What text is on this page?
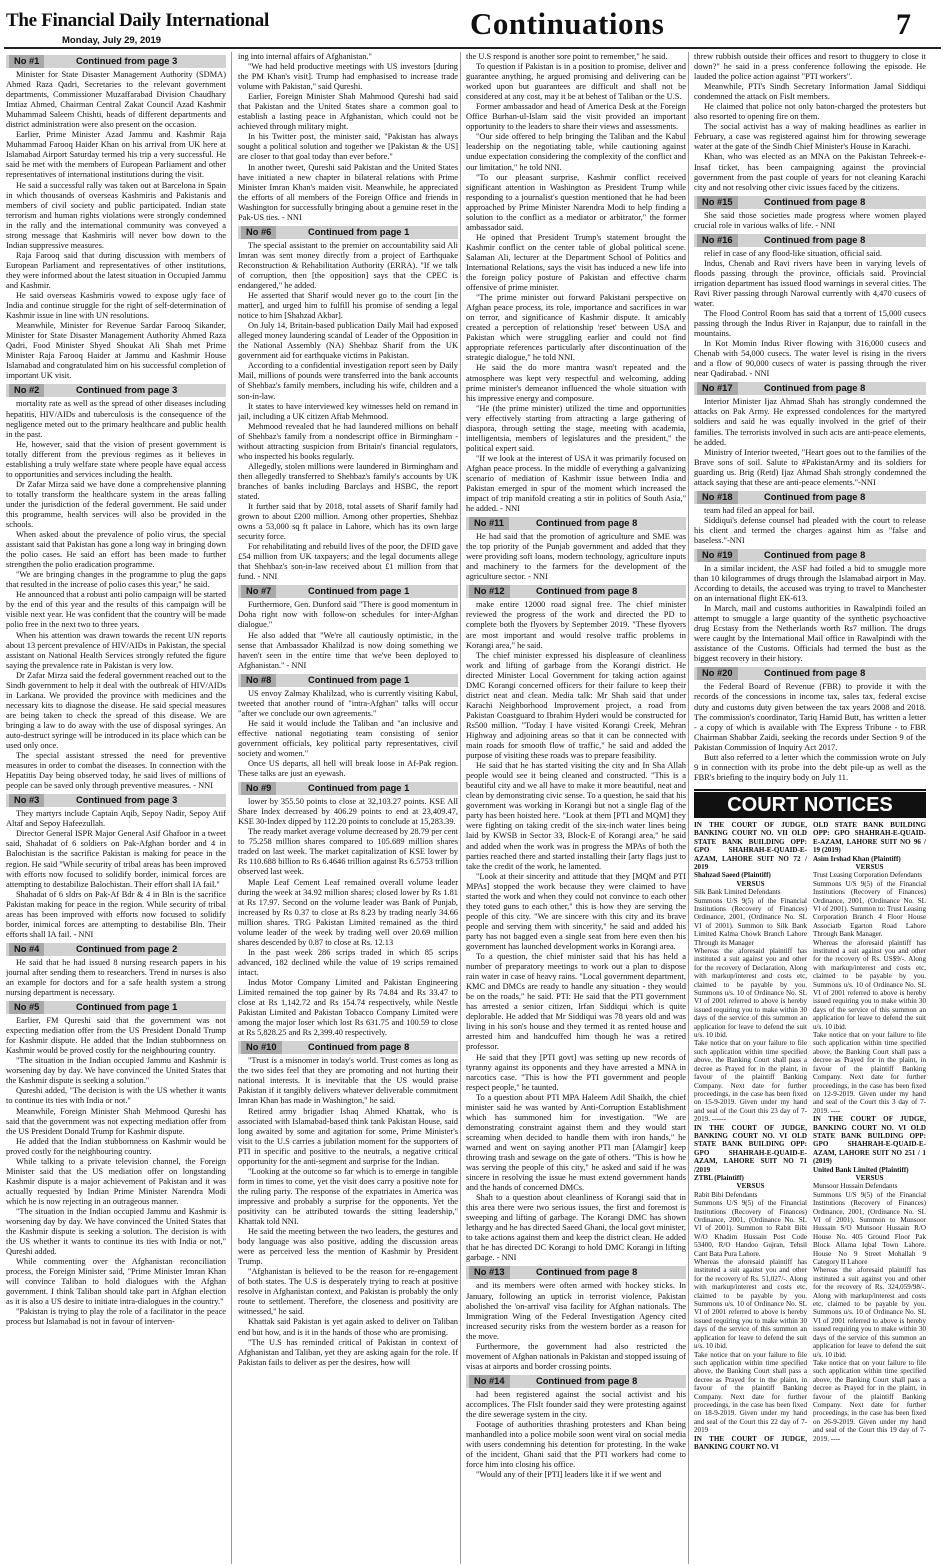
The Financial Daily International
Monday, July 29, 2019	Continuations	7
No #1	Continued from page 3

Minister for State Disaster Management Authority (SDMA) Ahmed Raza Qadri, Secretaries to the relevant government departments, Commissioner Muzaffarabad Division Chaudhary Imtiaz Ahmed, Chairman Central Zakat Council Azad Kashmir Muhammad Saleem Chishti, heads of different departments and district administration were also present on the occasion.

Earlier, Prime Minister Azad Jammu and Kashmir Raja Muhammad Farooq Haider Khan on his arrival from UK here at Islamabad Airport Saturday termed his trip a very successful. He said he met with the members of European Parliament and other representatives of international institutions during the visit.

He said a successful rally was taken out at Barcelona in Spain in which thousands of overseas Kashmiris and Pakistanis and members of civil society and public participated. Indian state terrorism and human rights violations were strongly condemned in the rally and the international community was conveyed a strong message that Kashmiris will never bow down to the Indian suppressive measures.

Raja Farooq said that during discussion with members of European Parliament and representatives of other institutions, they were informed about the latest situation in Occupied Jammu and Kashmir.

He said overseas Kashmiris vowed to expose ugly face of India and continue struggle for the right of self-determination of Kashmir issue in line with UN resolutions.

Meanwhile, Minister for Revenue Sardar Farooq Sikander, Minister for State Disaster Management Authority Ahmed Raza Qadri, Food Minister Shyed Shoukat Ali Shah met Prime Minister Raja Farooq Haider at Jammu and Kashmir House Islamabad and congratulated him on his successful completion of important UK visit.

No #2	Continued from page 3

mortality rate as well as the spread of other diseases including hepatitis, HIV/AIDs and tuberculosis is the consequence of the negligence meted out to the primary healthcare and public health in the past.

He, however, said that the vision of present government is totally different from the previous regimes as it believes in establishing a truly welfare state where people have equal access to opportunities and services including the health.

Dr Zafar Mirza said we have done a comprehensive planning to totally transform the healthcare system in the areas falling under the jurisdiction of the federal government. He said under this programme, health services will also be provided in the schools.

When asked about the prevalence of polio virus, the special assistant said that Pakistan has gone a long way in bringing down the polio cases. He said an effort has been made to further strengthen the polio eradication programme.

"We are bringing changes in the programme to plug the gaps that resulted in the increase of polio cases this year," he said.

He announced that a robust anti polio campaign will be started by the end of this year and the results of this campaign will be visible next year. He was confident that the country will be made polio free in the next two to three years.

When his attention was drawn towards the recent UN reports about 13 percent prevalence of HIV/AIDs in Pakistan, the special assistant on National Health Services strongly refuted the figure saying the prevalence rate in Pakistan is very low.

Dr Zafar Mirza said the federal government reached out to the Sindh government to help it deal with the outbreak of HIV/AIDs in Larkana. We provided the province with medicines and the necessary kits to diagnose the disease. He said special measures are being taken to check the spread of this disease. We are bringing a law to do away with the use of disposal syringes. An auto-destruct syringe will be introduced in its place which can be used only once.

The special assistant stressed the need for preventive measures in order to combat the diseases. In connection with the Hepatitis Day being observed today, he said lives of millions of people can be saved only through preventive measures. - NNI

No #3	Continued from page 3

They martyrs include Captain Aqib, Sepoy Nadir, Sepoy Atif Altaf and Sepoy Hafeezullah.

Director General ISPR Major General Asif Ghafoor in a tweet said, Shahadat of 6 soldiers on Pak-Afghan border and 4 in Balochistan is the sacrifice Pakistan is making for peace in the region. He said "While security of tribal areas has been improved with efforts now focused to solidify border, inimical forces are attempting to destabilize Balochistan. Their effort shall IA fail."

Shahadat of 6 sldrs on Pak-Af Bdr & 4 in Bln is the sacrifice Pakistan making for peace in the region. While security of tribal areas has been improved with efforts now focused to solidify border, inimical forces are attempting to destabilise Bln. Their efforts shall IA fail. - NNI

No #4	Continued from page 2

He said that he had issued 8 nursing research papers in his journal after sending them to researchers. Trend in nurses is also an example for doctors and for a safe health system a strong nursing department is necessary.

No #5	Continued from page 1

Earlier, FM Qureshi said that the government was not expecting mediation offer from the US President Donald Trump for Kashmir dispute. He added that the Indian stubbornness on Kashmir would be proved costly for the neighbouring country.

"The situation in the Indian occupied Jammu and Kashmir is worsening day by day. We have convinced the United States that the Kashmir dispute is seeking a solution."

Qureshi added, "The decision is with the US whether it wants to continue its ties with India or not."

Meanwhile, Foreign Minister Shah Mehmood Qureshi has said that the government was not expecting mediation offer from the US President Donald Trump for Kashmir dispute.

He added that the Indian stubbornness on Kashmir would be proved costly for the neighbouring country.

While talking to a private television channel, the Foreign Minister said that the US mediation offer on longstanding Kashmir dispute is a major achievement of Pakistan and it was actually requested by Indian Prime Minister Narendra Modi which he is now rejecting in an outrageous manner.

"The situation in the Indian occupied Jammu and Kashmir is worsening day by day. We have convinced the United States that the Kashmir dispute is seeking a solution. The decision is with the US whether it wants to continue its ties with India or not," Qureshi added.

While commenting over the Afghanistan reconciliation process, the Foreign Minister said, "Prime Minister Imran Khan will convince Taliban to hold dialogues with the Afghan government. I think Taliban should take part in Afghan election as it is also a US desire to initiate intra-dialogues in the country."

"Pakistan is trying to play the role of a facilitator in the peace process but Islamabad is not in favour of interven-

ing into internal affairs of Afghanistan."

"We had held productive meetings with US investors [during the PM Khan's visit]. Trump had emphasised to increase trade volume with Pakistan," said Qureshi.

Earlier, Foreign Minister Shah Mahmood Qureshi had said that Pakistan and the United States share a common goal to establish a lasting peace in Afghanistan, which could not be achieved through military might.

In his Twitter post, the minister said, "Pakistan has always sought a political solution and together we [Pakistan & the US] are closer to that goal today than ever before."

In another tweet, Qureshi said Pakistan and the United States have initiated a new chapter in bilateral relations with Prime Minister Imran Khan's maiden visit. Meanwhile, he appreciated the efforts of all members of the Foreign Office and friends in Washington for successfully bringing about a genuine reset in the Pak-US ties. - NNI

No #6	Continued from page 1

The special assistant to the premier on accountability said Ali Imran was sent money directly from a project of Earthquake Reconstruction & Rehabilitation Authority (ERRA). "If we talk of corruption, then [the opposition] says that the CPEC is endangered," he added.

He asserted that Sharif would never go to the court [in the matter], and urged him to fulfill his promise of sending a legal notice to him [Shahzad Akbar].

On July 14, Britain-based publication Daily Mail had exposed alleged money laundering scandal of Leader of the Opposition in the National Assembly (NA) Shehbaz Sharif from the UK government aid for earthquake victims in Pakistan.

According to a confidential investigation report seen by Daily Mail, millions of pounds were transferred into the bank accounts of Shehbaz's family members, including his wife, children and a son-in-law.

It states to have interviewed key witnesses held on remand in jail, including a UK citizen Aftab Mehmood.

Mehmood revealed that he had laundered millions on behalf of Shehbaz's family from a nondescript office in Birmingham - without attracting suspicion from Britain's financial regulators, who inspected his books regularly.

Allegedly, stolen millions were laundered in Birmingham and then allegedly transferred to Shehbaz's family's accounts by UK branches of banks including Barclays and HSBC, the report stated.

It further said that by 2018, total assets of Sharif family had grown to about £200 million. Among other properties, Shehbaz owns a 53,000 sq ft palace in Lahore, which has its own large security force.

For rehabilitating and rebuild lives of the poor, the DFID gave £54 million from UK taxpayers; and the legal documents allege that Shehbaz's son-in-law received about £1 million from that fund. - NNI

No #7	Continued from page 1

Furthermore, Gen. Dunford said "There is good momentum in Doha right now with follow-on schedules for inter-Afghan dialogue."

He also added that "We're all cautiously optimistic, in the sense that Ambassador Khalilzad is now doing something we haven't seen in the entire time that we've been deployed to Afghanistan." - NNI

No #8	Continued from page 1

US envoy Zalmay Khalilzad, who is currently visiting Kabul, tweeted that another round of "intra-Afghan" talks will occur "after we conclude our own agreements."

He said it would include the Taliban and "an inclusive and effective national negotiating team consisting of senior government officials, key political party representatives, civil society and women."

Once US departs, all hell will break loose in Af-Pak region. These talks are just an eyewash.

No #9	Continued from page 1

lower by 355.50 points to close at 32,103.27 points. KSE All Share Index decreased by 406.29 points to end at 23,409.47, KSE 30-Index dipped by 112.20 points to conclude at 15,283.39.

The ready market average volume decreased by 28.79 per cent to 75.258 million shares compared to 105.689 million shares traded on last week. The market capitalization of KSE lower by Rs 110.688 billion to Rs 6.4646 trillion against Rs 6.5753 trillion observed last week.

Maple Leaf Cement Leaf remained overall volume leader during the week at 34.92 million shares; closed lower by Rs 1.81 at Rs 17.97. Second on the volume leader was Bank of Punjab, increased by Rs 0.37 to close at Rs 8.23 by trading nearly 34.66 million shares. TRG Pakistan Limited remained as the third volume leader of the week by trading well over 20.69 million shares descended by 0.87 to close at Rs. 12.13

In the past week 286 scrips traded in which 85 scrips advanced, 182 declined while the value of 19 scrips remained intact.

Indus Motor Company Limited and Pakistan Engineering Limited remained the top gainer by Rs 74.84 and Rs 33.47 to close at Rs 1,142.72 and Rs 154.74 respectively, while Nestle Pakistan Limited and Pakistan Tobacco Company Limited were among the major loser which lost Rs 631.75 and 100.59 to close at Rs 5,828.25 and Rs 2,399.40 respectively.

No #10	Continued from page 8

"Trust is a misnomer in today's world. Trust comes as long as the two sides feel that they are promoting and not hurting their national interests. It is inevitable that the US would praise Pakistan if it tangibly delivers whatever deliverable commitment Imran Khan has made in Washington," he said.

Retired army brigadier Ishaq Ahmed Khattak, who is associated with Islamabad-based think tank Pakistan House, said long awaited by some and agitation for some, Prime Minister's visit to the U.S carries a jubilation moment for the supporters of PTI in specific and positive to the neutrals, a negative critical opportunity for the anti-segment and surprise for the Indian.

"Looking at the outcome so far which is to emerge in tangible form in times to come, yet the visit does carry a positive note for the ruling party. The response of the expatriates in America was impressive and probably a surprise for the opponents. Yet the positivity can be attributed towards the sitting leadership," Khattak told NNI.

He said the meeting between the two leaders, the gestures and body language was also positive, adding the discussion areas were as perceived less the mention of Kashmir by President Trump.

"Afghanistan is believed to be the reason for re-engagement of both states. The U.S is desperately trying to reach at positive resolve in Afghanistan context, and Pakistan is probably the only route to settlement. Therefore, the closeness and positivity are witnessed," he said.

Khattak said Pakistan is yet again asked to deliver on Taliban end but how, and is it in the hands of those who are promising.

"The U.S has reminded critical of Pakistan in context of Afghanistan and Taliban, yet they are asking again for the role. If Pakistan fails to deliver as per the desires, how will

the U.S respond is another sore point to remember," he said.

To question if Pakistan is in a position to promise, deliver and guarantee anything, he argued promising and delivering can be worked upon but guarantees are difficult and shall not be considered at any cost, may it be at behest of Taliban or the U.S.

Former ambassador and head of America Desk at the Foreign Office Burhan-ul-Islam said the visit provided an important opportunity to the leaders to share their views and assessments.

"Our side offered to help bringing the Taliban and the Kabul leadership on the negotiating table, while cautioning against undue expectation considering the complexity of the conflict and our limitation," he told NNI.

"To our pleasant surprise, Kashmir conflict received significant attention in Washington as President Trump while responding to a journalist's question mentioned that he had been approached by Prime Minister Narendra Modi to help finding a solution to the conflict as a mediator or arbitrator," the former ambassador said.

He opined that President Trump's statement brought the Kashmir conflict on the center table of global political scene. Salaman Ali, lecturer at the Department School of Politics and International Relations, says the visit has induced a new life into the foreign policy posture of Pakistan and effective charm offensive of prime minister.

"The prime minister out forward Pakistani perspective on Afghan peace process, its role, importance and sacrifices in war on terror, and significance of Kashmir dispute. It amicably created a perception of relationship 'reset' between USA and Pakistan which were struggling earlier and could not find appropriate references particularly after discontinuation of the strategic dialogue," he told NNI.

He said the do more mantra wasn't repeated and the atmosphere was kept very respectful and welcoming, adding prime minister's demeanor influenced the whole situation with his impressive energy and composure.

"He (the prime minister) utilized the time and opportunities very effectively starting from attracting a large gathering of diaspora, through setting the stage, meeting with academia, intelligentsia, members of legislatures and the president," the political expert said.

"If we look at the interest of USA it was primarily focused on Afghan peace process. In the middle of everything a galvanizing scenario of mediation of Kashmir issue between India and Pakistan emerged in spur of the moment which increased the impact of trip manifold creating a stir in politics of South Asia," he added. - NNI

No #11	Continued from page 8

He had said that the promotion of agriculture and SME was the top priority of the Punjab government and added that they were providing soft loans, modern technology, agriculture inputs and machinery to the farmers for the development of the agriculture sector. - NNI

No #12	Continued from page 8

make entire 12000 road signal free. The chief minister reviewed the progress of the work and directed the PD to complete both the flyovers by September 2019. "These flyovers are most important and would resolve traffic problems in Korangi area," he said.

The chief minister expressed his displeasure of cleanliness work and lifting of garbage from the Korangi district. He directed Minister Local Government for taking action against DMC Korangi concerned officers for their failure to keep their district neat and clean. Media talk: Mr Shah said that under Karachi Neighborhood Improvement project, a road from Pakistan Coastguard to Ibrahim Hyderi would be constructed for Rs500 million. "Today I have visited Korangi Creek, Mehran Highway and adjoining areas so that it can be connected with main roads for smooth flow of traffic," he said and added the purpose of visiting these roads was to prepare feasibility.

He said that he has started visiting the city and In Sha Allah people would see it being cleaned and constructed. "This is a beautiful city and we all have to make it more beautiful, neat and clean by demonstrating civic sense. To a question, he said that his government was working in Korangi but not a single flag of the party has been hoisted here. "Look at them [PTI and MQM] they were fighting on taking credit of the six-inch water lines being laid by KWSB in Sector 33, Block-E of Korangi area," he said and added when the work was in progress the MPAs of both the parties reached there and started installing their [arty flags just to take the credit of the work, he lamented.

"Look at their sincerity and attitude that they [MQM and PTI MPAs] stopped the work because they were claimed to have started the work and when they could not convince to each other they toted guns to each other," this is how they are serving the people of this city. "We are sincere with this city and its brave people and serving them with sincerity," he said and added his party has not bagged even a single seat from here even then his government has launched development works in Korangi area.

To a question, the chief minister said that his has held a number of preparatory meetings to work out a plan to dispose rain water in case of heavy rains. "Local government department, KMC and DMCs are ready to handle any situation - they would be on the roads," he said. PTI: He said that the PTI government has arrested a senior citizen, Irfan Siddiqui which is quite deplorable. He added that Mr Siddiqui was 78 years old and was living in his son's house and they termed it as rented house and arrested him and handcuffed him though he was a retired professor.

He said that they [PTI govt] was setting up new records of tyranny against its opponents and they have arrested a MNA in narcotics case. "This is how the PTI government and people respect people," he taunted.

To a question about PTI MPA Haleem Adil Shaikh, the chief minister said he was wanted by Anti-Corruption Establishment which has summoned him for investigation. "We are demonstrating constraint against them and they would start screaming when decided to handle them with iron hands," he warned and went on saying another PTI man [Alamgir] keep throwing trash and sewage on the gate of others. "This is how he was serving the people of this city," he asked and said if he was sincere in resolving the issue he must extend government hands and the hands of concerned DMCs.

Shah to a question about cleanliness of Korangi said that in this area there were two serious issues, the first and foremost is sweeping and lifting of garbage. The Korangi DMC has shown lethargy and he has directed Saeed Ghani, the local govt minister, to take actions against them and keep the district clean. He added that he has directed DC Korangi to hold DMC Korangi in lifting garbage. - NNI

No #13	Continued from page 8

and its members were often armed with hockey sticks. In January, following an uptick in terrorist violence, Pakistan abolished the 'on-arrival' visa facility for Afghan nationals. The Immigration Wing of the Federal Investigation Agency cited increased security risks from the western border as a reason for the move.

Furthermore, the government had also restricted the movement of Afghan nationals in Pakistan and stopped issuing of visas at airports and border crossing points.

No #14	Continued from page 8

had been registered against the social activist and his accomplices. The FIsIt founder said they were protesting against the dire sewerage system in the city.

Footage of authorities thrashing protesters and Khan being manhandled into a police mobile soon went viral on social media with users condemning his detention for protesting. In the wake of the incident, Ghani said that the PTI workers had come to force him into closing his office.

"Would any of their [PTI] leaders like it if we went and

threw rubbish outside their offices and resort to thuggery to close it down?" he said in a press conference following the episode. He lauded the police action against "PTI workers".

Meanwhile, PTI's Sindh Secretary Information Jamal Siddiqui condemned the attack on FisIt members.

He claimed that police not only baton-charged the protesters but also resorted to opening fire on them.

The social activist has a way of making headlines as earlier in February, a case was registered against him for throwing sewerage water at the gate of the Sindh Chief Minister's House in Karachi.

Khan, who was elected as an MNA on the Pakistan Tehreek-e-Insaf ticket, has been campaigning against the provincial government from the past couple of years for not cleaning Karachi city and not resolving other civic issues faced by the citizens.

No #15	Continued from page 8

She said those societies made progress where women played crucial role in various walks of life. - NNI

No #16	Continued from page 8

relief in case of any flood-like situation, official said.

Indus, Chenab and Ravi rivers have been in varying levels of floods passing through the province, officials said. Provincial irrigation department has issued flood warnings in several cities. The Ravi River passing through Narowal currently with 4,470 cusecs of water.

The Flood Control Room has said that a torrent of 15,000 cusecs passing through the Indus River in Rajanpur, due to rainfall in the mountains.

In Kot Momin Indus River flowing with 316,000 cusecs and Chenab with 54,000 cusecs. The water level is rising in the rivers and a flow of 90,000 cusecs of water is passing through the river near Qadirabad. - NNI

No #17	Continued from page 8

Interior Minister Ijaz Ahmad Shah has strongly condemned the attacks on Pak Army. He expressed condolences for the martyred soldiers and said he was equally involved in the grief of their families. The terrorists involved in such acts are anti-peace elements, he added.

Ministry of Interior tweeted, "Heart goes out to the families of the Brave sons of soil. Salute to #PakistanArmy and its soldiers for guarding us. Brig (Retd) Ijaz Ahmad Shah strongly condemned the attack saying that these are anti-peace elements."-NNI

No #18	Continued from page 8

team had filed an appeal for bail.

Siddiqui's defense counsel had pleaded with the court to release his client and termed the charges against him as "false and baseless."-NNI

No #19	Continued from page 8

In a similar incident, the ASF had foiled a bid to smuggle more than 10 kilogrammes of drugs through the Islamabad airport in May. According to details, the accused was trying to travel to Manchester on an international flight EK-613.

In March, mail and customs authorities in Rawalpindi foiled an attempt to smuggle a large quantity of the synthetic psychoactive drug Ecstasy from the Netherlands worth Rs7 million. The drugs were caught by the International Mail office in Rawalpindi with the assistance of the Customs. Officials had termed the bust as the biggest recovery in their history.

No #20	Continued from page 8

the Federal Board of Revenue (FBR) to provide it with the records of the concessions in income tax, sales tax, federal excise duty and customs duty given between the tax years 2008 and 2018. The commission's coordinator, Tariq Hamid Butt, has written a letter - a copy of which is available with The Express Tribune - to FBR Chairman Shabbar Zaidi, seeking the records under Section 9 of the Pakistan Commission of Inquiry Act 2017.

Butt also referred to a letter which the commission wrote on July 9 in connection with its probe into the debt pile-up as well as the FBR's briefing to the inquiry body on July 11.

COURT NOTICES
IN THE COURT OF JUDGE, BANKING COURT NO. VII OLD STATE BANK BUILDING OPP: GPO SHAHRAH-E-QUAID-E-AZAM, LAHORE SUIT NO 72 / 2019
Shahzad Saeed (Plaintiff)
VERSUS
Silk Bank Limited Defendants
Summons U/S 9(5) of the Financial Institutions (Recovery of Finances) Ordinance, 2001, (Ordinance No. SL VI of 2001). Summon to Silk Bank Limited Kalma Chowk Branch Lahore Through its Manager
Whereas the aforesaid plaintiff has instituted a suit against you and other for the recovery of Declaration, Along with markup/interest and costs etc, claimed to be payable by you. Summons u/s. 10 of Ordinance No. SL VI of 2001 referred to above is hereby issued requiring you to make within 30 days of the service of this summon an application for leave to defend the suit u/s. 10 ibid.
Take notice that on your failure to file such application within time specified above, the Banking Court shall pass a decree as Prayed for in the plaint, in favour of the plaintiff Banking Company. Next date for further proceedings, in the case has been fixed on 15-9-2019. Given under my hand and seal of the Court this 23 day of 7-2019. ------
IN THE COURT OF JUDGE, BANKING COURT NO. VI OLD STATE BANK BUILDING OPP: GPO SHAHRAH-E-QUAID-E-AZAM, LAHORE SUIT NO 71 /2019
ZTBL (Plaintiff)
VERSUS
Rabit Bibi Defendants
Summons U/S 9(5) of the Financial Institutions (Recovery of Finances) Ordinance, 2001, (Ordinance No. SL VI of 2001). Summon to Rabit Bibi W/O Khadim Hussain Post Code 53400, R/O Handoo Gujran, Tehsil Cant Bata Pura Lahore.
Whereas the aforesaid plaintiff has instituted a suit against you and other for the recovery of Rs. 51,027/-. Along with markup/interest and costs etc, claimed to be payable by you. Summons u/s. 10 of Ordinance No. SL VI of 2001 referred to above is hereby issued requiring you to make within 30 days of the service of this summon an application for leave to defend the suit u/s. 10 ibid.
Take notice that on your failure to file such application within time specified above, the Banking Court shall pass a decree as Prayed for in the plaint, in favour of the plaintiff Banking Company. Next date for further proceedings, in the case has been fixed on 18-9-2019. Given under my hand and seal of the Court this 22 day of 7-2019
IN THE COURT OF JUDGE, BANKING COURT NO. VI
OLD STATE BANK BUILDING OPP: GPO SHAHRAH-E-QUAID-E-AZAM, LAHORE SUIT NO 96 / 19 (2019)
Asim Irshad Khan (Plaintiff)
VERSUS
Trust Leasing Corporation Defendants
Summons U/S 9(5) of the Financial Institutions (Recovery of Finances) Ordinance, 2001, (Ordinance No. SL VI of 2001). Summon to: Trust Leasing Corporation Branch 4 Floor House Associatb Egarton Road Lahore Through Bank Manager.
Whereas the aforesaid plaintiff has instituted a suit against you and other for the recovery of Rs. US$9/-. Along with markup/interest and costs etc, claimed to be payable by you. Summons u/s. 10 of Ordinance No. SL VI of 2001 referred to above is hereby issued requiring you to make within 30 days of the service of this summon an application for leave to defend the suit u/s. 10 ibid.
Take notice that on your failure to file such application within time specified above, the Banking Court shall pass a decree as Prayed for in the plaint, in favour of the plaintiff Banking Company. Next date for further proceedings, in the case has been fixed on 12-9-2019. Given under my hand and seal of the Court this 3 day of 7-2019. ----
IN THE COURT OF JUDGE, BANKING COURT NO. VI OLD STATE BANK BUILDING OPP: GPO SHAHRAH-E-QUAID-E-AZAM, LAHORE SUIT NO 251 / 1 (2019)
United Bank Limited (Plaintiff)
VERSUS
Munsoor Hussain Defendants
Summons U/S 9(5) of the Financial Institutions (Recovery of Finances) Ordinance, 2001, (Ordinance No. SL VI of 2001). Summon to Munsoor Hussain S/O Munsoor Hussain R/O House No. 405 Ground Floor Pak Block Allama Iqbal Town Lahore. House No 9 Street Mohallah 9 Category II Lahore
Whereas the aforesaid plaintiff has instituted a suit against you and other for the recovery of Rs. 324,059/98/-. Along with markup/interest and costs etc, claimed to be payable by you. Summons u/s. 10 of Ordinance No. SL VI of 2001 referred to above is hereby issued requiring you to make within 30 days of the service of this summon an application for leave to defend the suit u/s. 10 ibid.
Take notice that on your failure to file such application within time specified above, the Banking Court shall pass a decree as Prayed for in the plaint, in favour of the plaintiff Banking Company. Next date for further proceedings, in the case has been fixed on 26-9-2019. Given under my hand and seal of the Court this 19 day of 7-2019. ----
